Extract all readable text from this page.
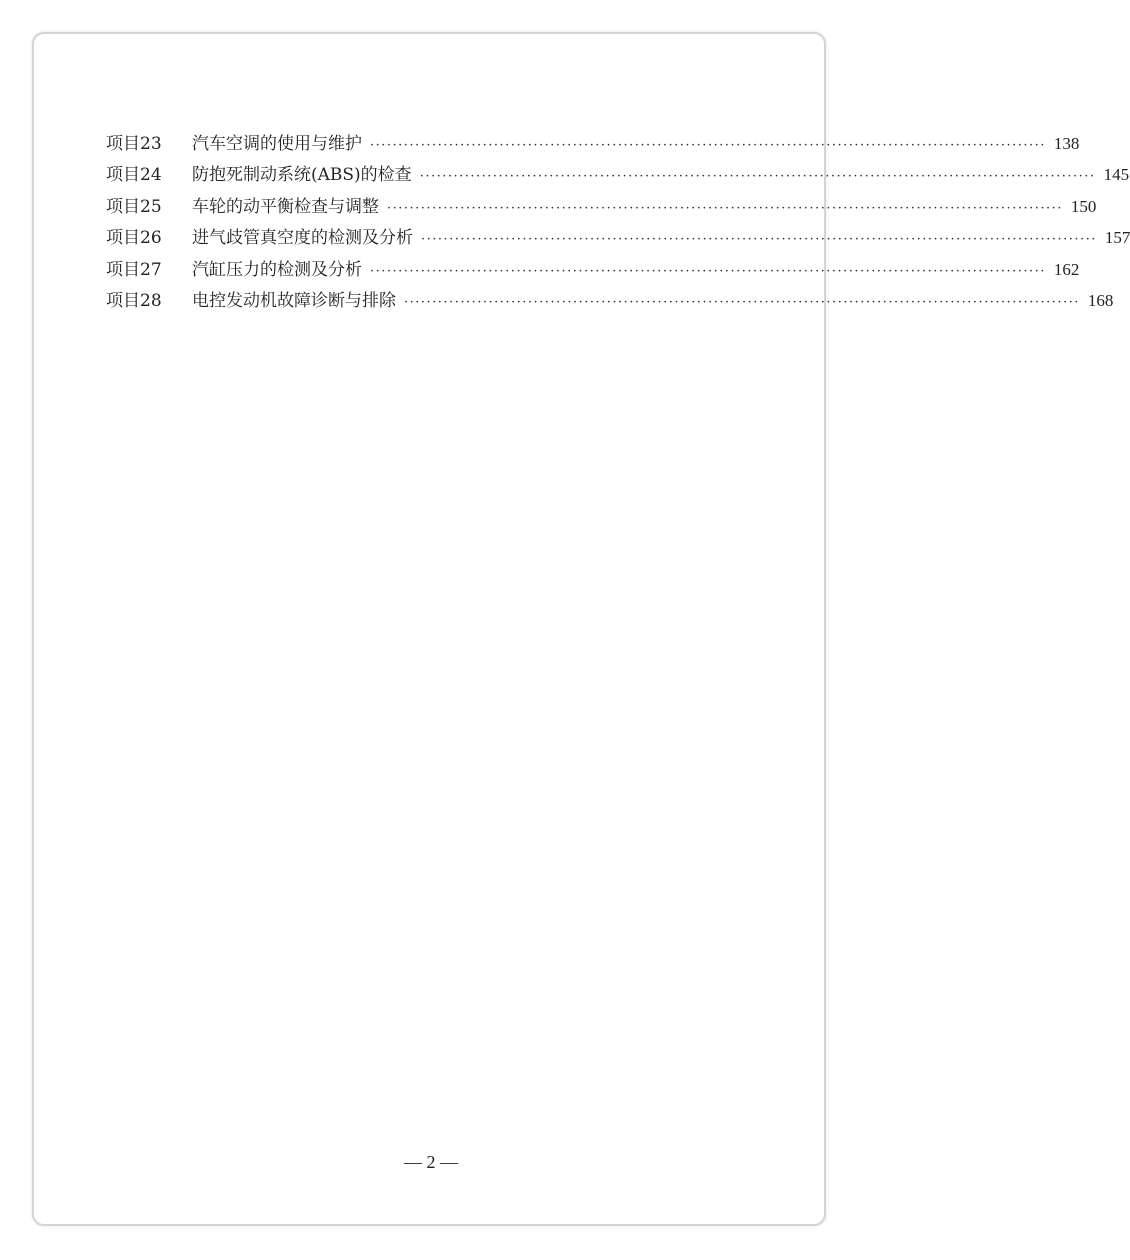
项目23	汽车空调的使用与维护 ························································································································ 138
项目24	防抱死制动系统(ABS)的检查 ························································································································ 145
项目25	车轮的动平衡检查与调整 ························································································································ 150
项目26	进气歧管真空度的检测及分析 ························································································································ 157
项目27	汽缸压力的检测及分析 ························································································································ 162
项目28	电控发动机故障诊断与排除 ························································································································ 168
— 2 —
